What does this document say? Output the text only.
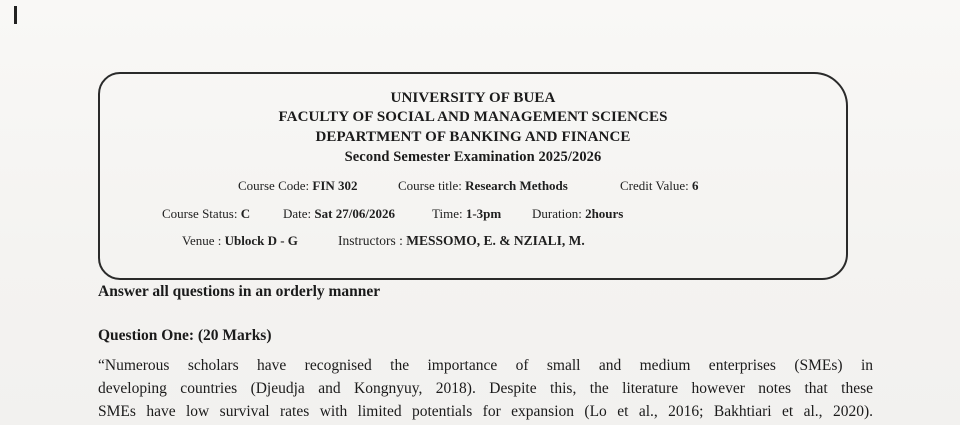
UNIVERSITY OF BUEA
FACULTY OF SOCIAL AND MANAGEMENT SCIENCES
DEPARTMENT OF BANKING AND FINANCE
Second Semester Examination 2025/2026
Course Code: FIN 302	Course title: Research Methods	Credit Value: 6
Course Status: C	Date: Sat 27/06/2026	Time: 1-3pm Duration: 2hours
Venue : Ublock D - G	Instructors : MESSOMO, E. & NZIALI, M.
Answer all questions in an orderly manner
Question One: (20 Marks)
“Numerous scholars have recognised the importance of small and medium enterprises (SMEs) in
developing countries (Djeudja and Kongnyuy, 2018). Despite this, the literature however notes that these
SMEs have low survival rates with limited potentials for expansion (Lo et al., 2016; Bakhtiari et al., 2020).
